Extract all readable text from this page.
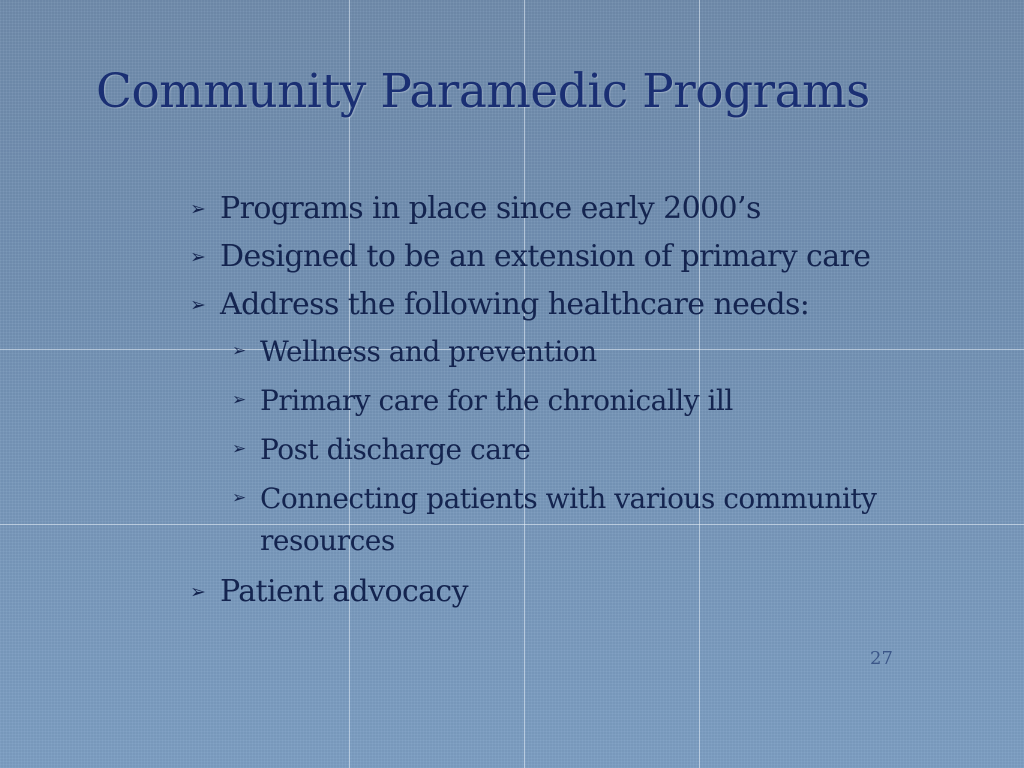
Community Paramedic Programs
➢ Programs in place since early 2000’s
➢ Designed to be an extension of primary care
➢ Address the following healthcare needs:
➢ Wellness and prevention
➢ Primary care for the chronically ill
➢ Post discharge care
➢ Connecting patients with various community resources
➢ Patient advocacy
27
